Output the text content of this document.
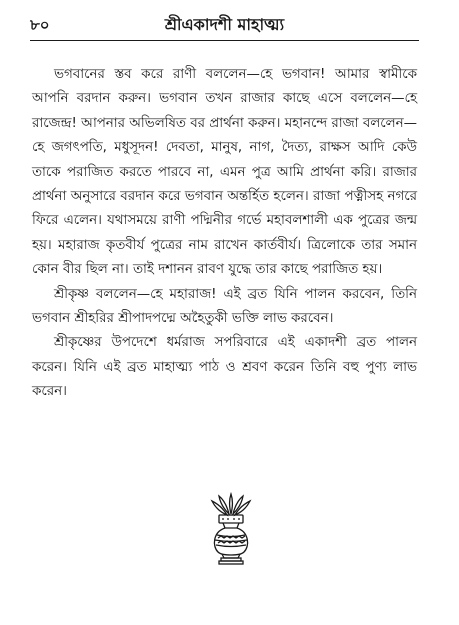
৮০	শ্রীএকাদশী মাহাত্ম্য

ভগবানের স্তব করে রাণী বললেন—হে ভগবান! আমার স্বামীকে আপনি বরদান করুন। ভগবান তখন রাজার কাছে এসে বললেন—হে রাজেন্দ্র! আপনার অভিলষিত বর প্রার্থনা করুন। মহানন্দে রাজা বললেন—হে জগৎপতি, মধুসূদন! দেবতা, মানুষ, নাগ, দৈত্য, রাক্ষস আদি কেউ তাকে পরাজিত করতে পারবে না, এমন পুত্র আমি প্রার্থনা করি। রাজার প্রার্থনা অনুসারে বরদান করে ভগবান অন্তর্হিত হলেন। রাজা পত্নীসহ নগরে ফিরে এলেন। যথাসময়ে রাণী পদ্মিনীর গর্ভে মহাবলশালী এক পুত্রের জন্ম হয়। মহারাজ কৃতবীর্য পুত্রের নাম রাখেন কার্তবীর্য। ত্রিলোকে তার সমান কোন বীর ছিল না। তাই দশানন রাবণ যুদ্ধে তার কাছে পরাজিত হয়।

শ্রীকৃষ্ণ বললেন—হে মহারাজ! এই ব্রত যিনি পালন করবেন, তিনি ভগবান শ্রীহরির শ্রীপাদপদ্মে অহৈতুকী ভক্তি লাভ করবেন।

শ্রীকৃষ্ণের উপদেশে ধর্মরাজ সপরিবারে এই একাদশী ব্রত পালন করেন। যিনি এই ব্রত মাহাত্ম্য পাঠ ও শ্রবণ করেন তিনি বহু পুণ্য লাভ করেন।
